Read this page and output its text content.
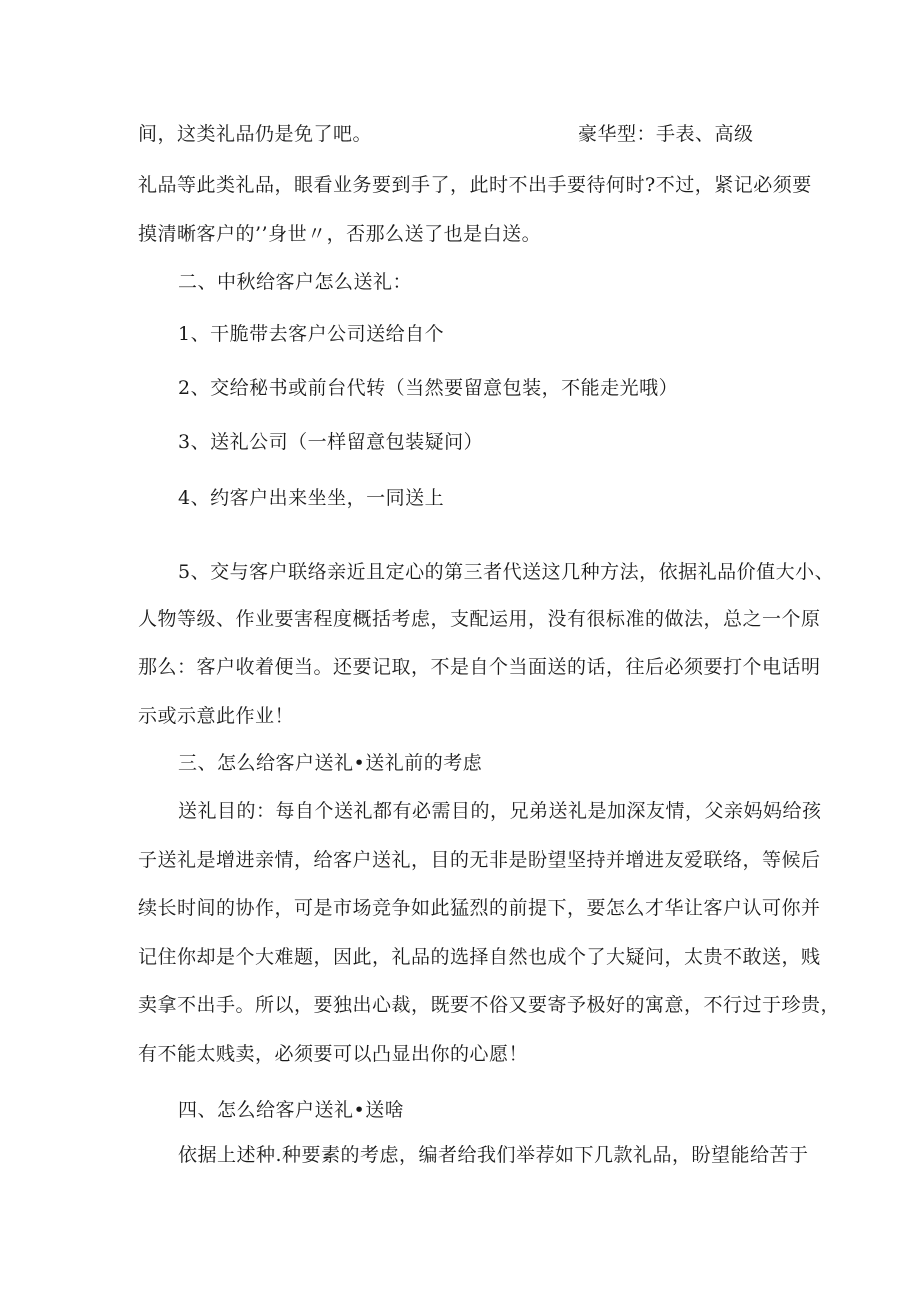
间，这类礼品仍是免了吧。	豪华型：手表、高级
礼品等此类礼品，眼看业务要到手了，此时不出手要待何时?不过，紧记必须要
摸清晰客户的’’身世〃，否那么送了也是白送。
二、中秋给客户怎么送礼：
1、干脆带去客户公司送给自个
2、交给秘书或前台代转（当然要留意包装，不能走光哦）
3、送礼公司（一样留意包装疑问）
4、约客户出来坐坐，一同送上
5、交与客户联络亲近且定心的第三者代送这几种方法，依据礼品价值大小、
人物等级、作业要害程度概括考虑，支配运用，没有很标准的做法，总之一个原
那么：客户收着便当。还要记取，不是自个当面送的话，往后必须要打个电话明
示或示意此作业！
三、怎么给客户送礼•送礼前的考虑
送礼目的：每自个送礼都有必需目的，兄弟送礼是加深友情，父亲妈妈给孩
子送礼是增进亲情，给客户送礼，目的无非是盼望坚持并增进友爱联络，等候后
续长时间的协作，可是市场竞争如此猛烈的前提下，要怎么才华让客户认可你并
记住你却是个大难题，因此，礼品的选择自然也成个了大疑问，太贵不敢送，贱
卖拿不出手。所以，要独出心裁，既要不俗又要寄予极好的寓意，不行过于珍贵，
有不能太贱卖，必须要可以凸显出你的心愿！
四、怎么给客户送礼•送啥
依据上述种.种要素的考虑，编者给我们举荐如下几款礼品，盼望能给苦于
